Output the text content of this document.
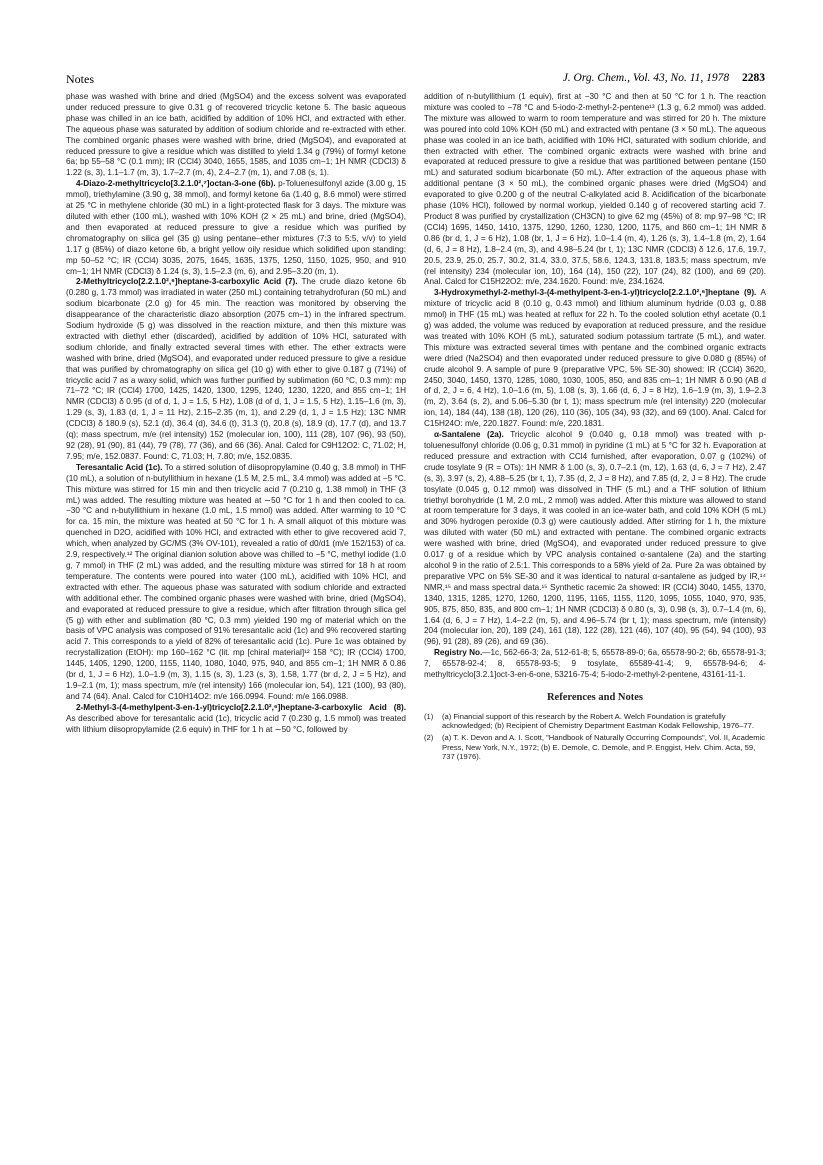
Notes	J. Org. Chem., Vol. 43, No. 11, 1978 2283

phase was washed with brine and dried (MgSO4) and the excess solvent was evaporated under reduced pressure to give 0.31 g of recovered tricyclic ketone 5. The basic aqueous phase was chilled in an ice bath, acidified by addition of 10% HCl, and extracted with ether. The aqueous phase was saturated by addition of sodium chloride and re-extracted with ether. The combined organic phases were washed with brine, dried (MgSO4), and evaporated at reduced pressure to give a residue which was distilled to yield 1.34 g (79%) of formyl ketone 6a; bp 55–58 °C (0.1 mm); IR (CCl4) 3040, 1655, 1585, and 1035 cm−1; 1H NMR (CDCl3) δ 1.22 (s, 3), 1.1–1.7 (m, 3), 1.7–2.7 (m, 4), 2.4–2.7 (m, 1), and 7.08 (s, 1).

4-Diazo-2-methyltricyclo[3.2.1.0²,⁷]octan-3-one (6b). p-Toluenesulfonyl azide (3.00 g, 15 mmol), triethylamine (3.90 g, 38 mmol), and formyl ketone 6a (1.40 g, 8.6 mmol) were stirred at 25 °C in methylene chloride (30 mL) in a light-protected flask for 3 days. The mixture was diluted with ether (100 mL), washed with 10% KOH (2 × 25 mL) and brine, dried (MgSO4), and then evaporated at reduced pressure to give a residue which was purified by chromatography on silica gel (35 g) using pentane–ether mixtures (7:3 to 5:5, v/v) to yield 1.17 g (85%) of diazo ketone 6b, a bright yellow oily residue which solidified upon standing: mp 50–52 °C; IR (CCl4) 3035, 2075, 1645, 1635, 1375, 1250, 1150, 1025, 950, and 910 cm−1; 1H NMR (CDCl3) δ 1.24 (s, 3), 1.5–2.3 (m, 6), and 2.95–3.20 (m, 1).

2-Methyltricyclo[2.2.1.0²,⁶]heptane-3-carboxylic Acid (7). The crude diazo ketone 6b (0.280 g, 1.73 mmol) was irradiated in water (250 mL) containing tetrahydrofuran (50 mL) and sodium bicarbonate (2.0 g) for 45 min. The reaction was monitored by observing the disappearance of the characteristic diazo absorption (2075 cm−1) in the infrared spectrum. Sodium hydroxide (5 g) was dissolved in the reaction mixture, and then this mixture was extracted with diethyl ether (discarded), acidified by addition of 10% HCl, saturated with sodium chloride, and finally extracted several times with ether. The ether extracts were washed with brine, dried (MgSO4), and evaporated under reduced pressure to give a residue that was purified by chromatography on silica gel (10 g) with ether to give 0.187 g (71%) of tricyclic acid 7 as a waxy solid, which was further purified by sublimation (60 °C, 0.3 mm): mp 71–72 °C; IR (CCl4) 1700, 1425, 1420, 1300, 1295, 1240, 1230, 1220, and 855 cm−1; 1H NMR (CDCl3) δ 0.95 (d of d, 1, J = 1.5, 5 Hz), 1.08 (d of d, 1, J = 1.5, 5 Hz), 1.15–1.6 (m, 3), 1.29 (s, 3), 1.83 (d, 1, J = 11 Hz), 2.15–2.35 (m, 1), and 2.29 (d, 1, J = 1.5 Hz); 13C NMR (CDCl3) δ 180.9 (s), 52.1 (d), 36.4 (d), 34.6 (t), 31.3 (t), 20.8 (s), 18.9 (d), 17.7 (d), and 13.7 (q); mass spectrum, m/e (rel intensity) 152 (molecular ion, 100), 111 (28), 107 (96), 93 (50), 92 (28), 91 (90), 81 (44), 79 (78), 77 (36), and 66 (36). Anal. Calcd for C9H12O2: C, 71.02; H, 7.95; m/e, 152.0837. Found: C, 71.03; H, 7.80; m/e, 152.0835.

Teresantalic Acid (1c). To a stirred solution of diisopropylamine (0.40 g, 3.8 mmol) in THF (10 mL), a solution of n-butyllithium in hexane (1.5 M, 2.5 mL, 3.4 mmol) was added at −5 °C. This mixture was stirred for 15 min and then tricyclic acid 7 (0.210 g, 1.38 mmol) in THF (3 mL) was added. The resulting mixture was heated at ∼50 °C for 1 h and then cooled to ca. −30 °C and n-butyllithium in hexane (1.0 mL, 1.5 mmol) was added. After warming to 10 °C for ca. 15 min, the mixture was heated at 50 °C for 1 h. A small aliquot of this mixture was quenched in D2O, acidified with 10% HCl, and extracted with ether to give recovered acid 7, which, when analyzed by GC/MS (3% OV-101), revealed a ratio of d0/d1 (m/e 152/153) of ca. 2.9, respectively.¹² The original dianion solution above was chilled to −5 °C, methyl iodide (1.0 g, 7 mmol) in THF (2 mL) was added, and the resulting mixture was stirred for 18 h at room temperature. The contents were poured into water (100 mL), acidified with 10% HCl, and extracted with ether. The aqueous phase was saturated with sodium chloride and extracted with additional ether. The combined organic phases were washed with brine, dried (MgSO4), and evaporated at reduced pressure to give a residue, which after filtration through silica gel (5 g) with ether and sublimation (80 °C, 0.3 mm) yielded 190 mg of material which on the basis of VPC analysis was composed of 91% teresantalic acid (1c) and 9% recovered starting acid 7. This corresponds to a yield of 82% of teresantalic acid (1c). Pure 1c was obtained by recrystallization (EtOH): mp 160–162 °C (lit. mp [chiral material]¹² 158 °C); IR (CCl4) 1700, 1445, 1405, 1290, 1200, 1155, 1140, 1080, 1040, 975, 940, and 855 cm−1; 1H NMR δ 0.86 (br d, 1, J = 6 Hz), 1.0–1.9 (m, 3), 1.15 (s, 3), 1.23 (s, 3), 1.58, 1.77 (br d, 2, J = 5 Hz), and 1.9–2.1 (m, 1); mass spectrum, m/e (rel intensity) 166 (molecular ion, 54), 121 (100), 93 (80), and 74 (64). Anal. Calcd for C10H14O2: m/e 166.0994. Found: m/e 166.0988.

2-Methyl-3-(4-methylpent-3-en-1-yl)tricyclo[2.2.1.0²,⁶]heptane-3-carboxylic Acid (8). As described above for teresantalic acid (1c), tricyclic acid 7 (0.230 g, 1.5 mmol) was treated with lithium diisopropylamide (2.6 equiv) in THF for 1 h at ∼50 °C, followed by

addition of n-butyllithium (1 equiv), first at −30 °C and then at 50 °C for 1 h. The reaction mixture was cooled to −78 °C and 5-iodo-2-methyl-2-pentene¹³ (1.3 g, 6.2 mmol) was added. The mixture was allowed to warm to room temperature and was stirred for 20 h. The mixture was poured into cold 10% KOH (50 mL) and extracted with pentane (3 × 50 mL). The aqueous phase was cooled in an ice bath, acidified with 10% HCl, saturated with sodium chloride, and then extracted with ether. The combined organic extracts were washed with brine and evaporated at reduced pressure to give a residue that was partitioned between pentane (150 mL) and saturated sodium bicarbonate (50 mL). After extraction of the aqueous phase with additional pentane (3 × 50 mL), the combined organic phases were dried (MgSO4) and evaporated to give 0.200 g of the neutral C-alkylated acid 8. Acidification of the bicarbonate phase (10% HCl), followed by normal workup, yielded 0.140 g of recovered starting acid 7. Product 8 was purified by crystallization (CH3CN) to give 62 mg (45%) of 8: mp 97–98 °C; IR (CCl4) 1695, 1450, 1410, 1375, 1290, 1260, 1230, 1200, 1175, and 860 cm−1; 1H NMR δ 0.86 (br d, 1, J = 6 Hz), 1.08 (br, 1, J = 6 Hz), 1.0–1.4 (m, 4), 1.26 (s, 3), 1.4–1.8 (m, 2), 1.64 (d, 6, J = 8 Hz), 1.8–2.4 (m, 3), and 4.98–5.24 (br t, 1); 13C NMR (CDCl3) δ 12.6, 17.6, 19.7, 20.5, 23.9, 25.0, 25.7, 30.2, 31.4, 33.0, 37.5, 58.6, 124.3, 131.8, 183.5; mass spectrum, m/e (rel intensity) 234 (molecular ion, 10), 164 (14), 150 (22), 107 (24), 82 (100), and 69 (20). Anal. Calcd for C15H22O2: m/e, 234.1620. Found: m/e, 234.1624.

3-Hydroxymethyl-2-methyl-3-(4-methylpent-3-en-1-yl)tricyclo[2.2.1.0²,⁶]heptane (9). A mixture of tricyclic acid 8 (0.10 g, 0.43 mmol) and lithium aluminum hydride (0.03 g, 0.88 mmol) in THF (15 mL) was heated at reflux for 22 h. To the cooled solution ethyl acetate (0.1 g) was added, the volume was reduced by evaporation at reduced pressure, and the residue was treated with 10% KOH (5 mL), saturated sodium potassium tartrate (5 mL), and water. This mixture was extracted several times with pentane and the combined organic extracts were dried (Na2SO4) and then evaporated under reduced pressure to give 0.080 g (85%) of crude alcohol 9. A sample of pure 9 (preparative VPC, 5% SE-30) showed: IR (CCl4) 3620, 2450, 3040, 1450, 1370, 1285, 1080, 1030, 1005, 850, and 835 cm−1; 1H NMR δ 0.90 (AB d of d, 2, J = 6, 4 Hz), 1.0–1.6 (m, 5), 1.08 (s, 3), 1.66 (d, 6, J = 8 Hz), 1.6–1.9 (m, 3), 1.9–2.3 (m, 2), 3.64 (s, 2), and 5.06–5.30 (br t, 1); mass spectrum m/e (rel intensity) 220 (molecular ion, 14), 184 (44), 138 (18), 120 (26), 110 (36), 105 (34), 93 (32), and 69 (100). Anal. Calcd for C15H24O: m/e, 220.1827. Found: m/e, 220.1831.

α-Santalene (2a). Tricyclic alcohol 9 (0.040 g, 0.18 mmol) was treated with p-toluenesulfonyl chloride (0.06 g, 0.31 mmol) in pyridine (1 mL) at 5 °C for 32 h. Evaporation at reduced pressure and extraction with CCl4 furnished, after evaporation, 0.07 g (102%) of crude tosylate 9 (R = OTs): 1H NMR δ 1.00 (s, 3), 0.7–2.1 (m, 12), 1.63 (d, 6, J = 7 Hz), 2.47 (s, 3), 3.97 (s, 2), 4.88–5.25 (br t, 1), 7.35 (d, 2, J = 8 Hz), and 7.85 (d, 2, J = 8 Hz). The crude tosylate (0.045 g, 0.12 mmol) was dissolved in THF (5 mL) and a THF solution of lithium triethyl borohydride (1 M, 2.0 mL, 2 mmol) was added. After this mixture was allowed to stand at room temperature for 3 days, it was cooled in an ice-water bath, and cold 10% KOH (5 mL) and 30% hydrogen peroxide (0.3 g) were cautiously added. After stirring for 1 h, the mixture was diluted with water (50 mL) and extracted with pentane. The combined organic extracts were washed with brine, dried (MgSO4), and evaporated under reduced pressure to give 0.017 g of a residue which by VPC analysis contained α-santalene (2a) and the starting alcohol 9 in the ratio of 2.5:1. This corresponds to a 58% yield of 2a. Pure 2a was obtained by preparative VPC on 5% SE-30 and it was identical to natural α-santalene as judged by IR,¹⁴ NMR,¹⁵ and mass spectral data.¹⁵ Synthetic racemic 2a showed: IR (CCl4) 3040, 1455, 1370, 1340, 1315, 1285, 1270, 1260, 1200, 1195, 1165, 1155, 1120, 1095, 1055, 1040, 970, 935, 905, 875, 850, 835, and 800 cm−1; 1H NMR (CDCl3) δ 0.80 (s, 3), 0.98 (s, 3), 0.7–1.4 (m, 6), 1.64 (d, 6, J = 7 Hz), 1.4–2.2 (m, 5), and 4.96–5.74 (br t, 1); mass spectrum, m/e (intensity) 204 (molecular ion, 20), 189 (24), 161 (18), 122 (28), 121 (46), 107 (40), 95 (54), 94 (100), 93 (96), 91 (28), 89 (26), and 69 (36).

Registry No.—1c, 562-66-3; 2a, 512-61-8; 5, 65578-89-0; 6a, 65578-90-2; 6b, 65578-91-3; 7, 65578-92-4; 8, 65578-93-5; 9 tosylate, 65589-41-4; 9, 65578-94-6; 4-methyltricyclo[3.2.1]oct-3-en-6-one, 53216-75-4; 5-iodo-2-methyl-2-pentene, 43161-11-1.

References and Notes
(1) (a) Financial support of this research by the Robert A. Welch Foundation is gratefully acknowledged; (b) Recipient of Chemistry Department Eastman Kodak Fellowship, 1976–77.
(2) (a) T. K. Devon and A. I. Scott, "Handbook of Naturally Occurring Compounds", Vol. II, Academic Press, New York, N.Y., 1972; (b) E. Demole, C. Demole, and P. Enggist, Helv. Chim. Acta, 59, 737 (1976).
